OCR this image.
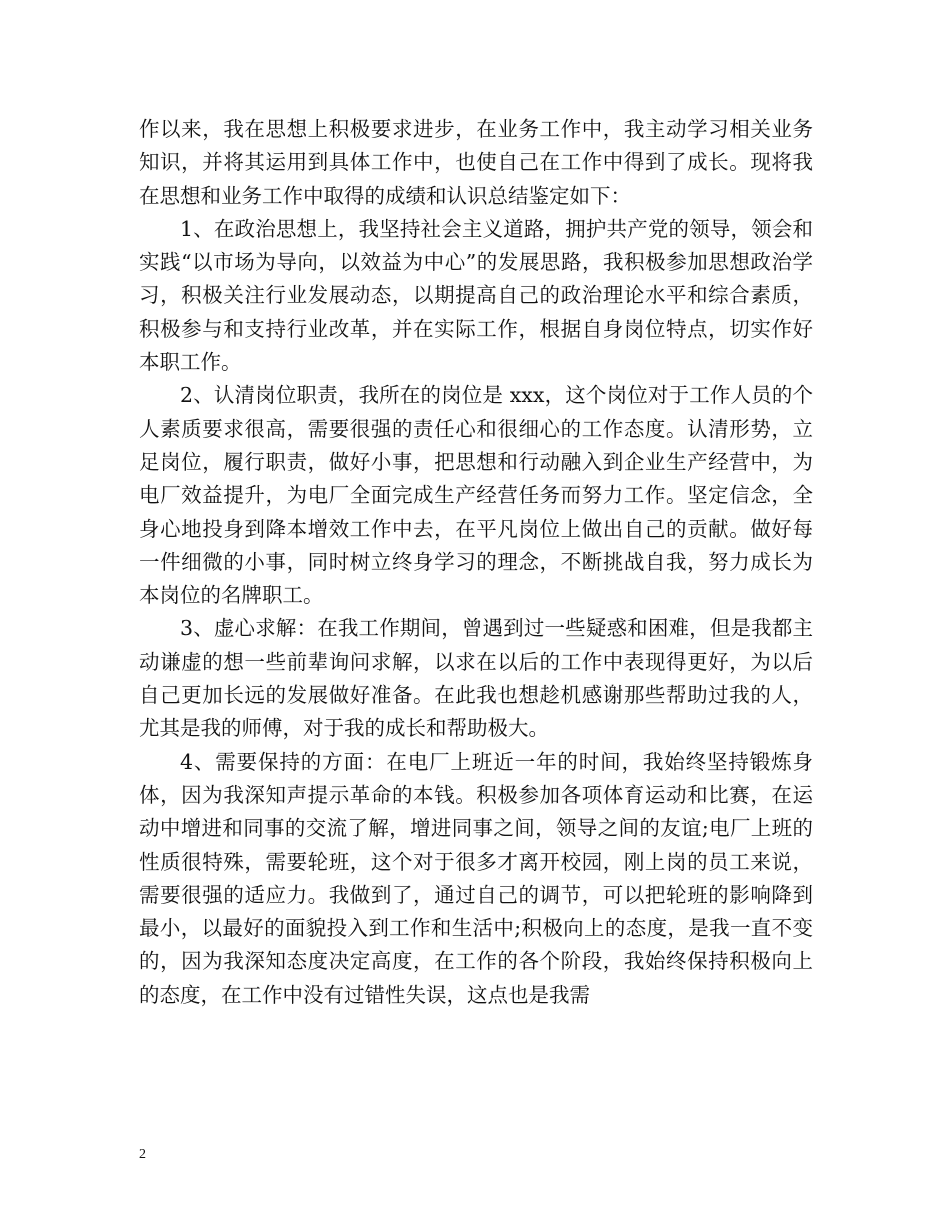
作以来，我在思想上积极要求进步，在业务工作中，我主动学习相关业务知识，并将其运用到具体工作中，也使自己在工作中得到了成长。现将我在思想和业务工作中取得的成绩和认识总结鉴定如下：

1、在政治思想上，我坚持社会主义道路，拥护共产党的领导，领会和实践“以市场为导向，以效益为中心”的发展思路，我积极参加思想政治学习，积极关注行业发展动态，以期提高自己的政治理论水平和综合素质，积极参与和支持行业改革，并在实际工作，根据自身岗位特点，切实作好本职工作。

2、认清岗位职责，我所在的岗位是 xxx，这个岗位对于工作人员的个人素质要求很高，需要很强的责任心和很细心的工作态度。认清形势，立足岗位，履行职责，做好小事，把思想和行动融入到企业生产经营中，为电厂效益提升，为电厂全面完成生产经营任务而努力工作。坚定信念，全身心地投身到降本增效工作中去，在平凡岗位上做出自己的贡献。做好每一件细微的小事，同时树立终身学习的理念，不断挑战自我，努力成长为本岗位的名牌职工。

3、虚心求解：在我工作期间，曾遇到过一些疑惑和困难，但是我都主动谦虚的想一些前辈询问求解，以求在以后的工作中表现得更好，为以后自己更加长远的发展做好准备。在此我也想趁机感谢那些帮助过我的人，尤其是我的师傅，对于我的成长和帮助极大。

4、需要保持的方面：在电厂上班近一年的时间，我始终坚持锻炼身体，因为我深知声提示革命的本钱。积极参加各项体育运动和比赛，在运动中增进和同事的交流了解，增进同事之间，领导之间的友谊;电厂上班的性质很特殊，需要轮班，这个对于很多才离开校园，刚上岗的员工来说，需要很强的适应力。我做到了，通过自己的调节，可以把轮班的影响降到最小，以最好的面貌投入到工作和生活中;积极向上的态度，是我一直不变的，因为我深知态度决定高度，在工作的各个阶段，我始终保持积极向上的态度，在工作中没有过错性失误，这点也是我需

2
